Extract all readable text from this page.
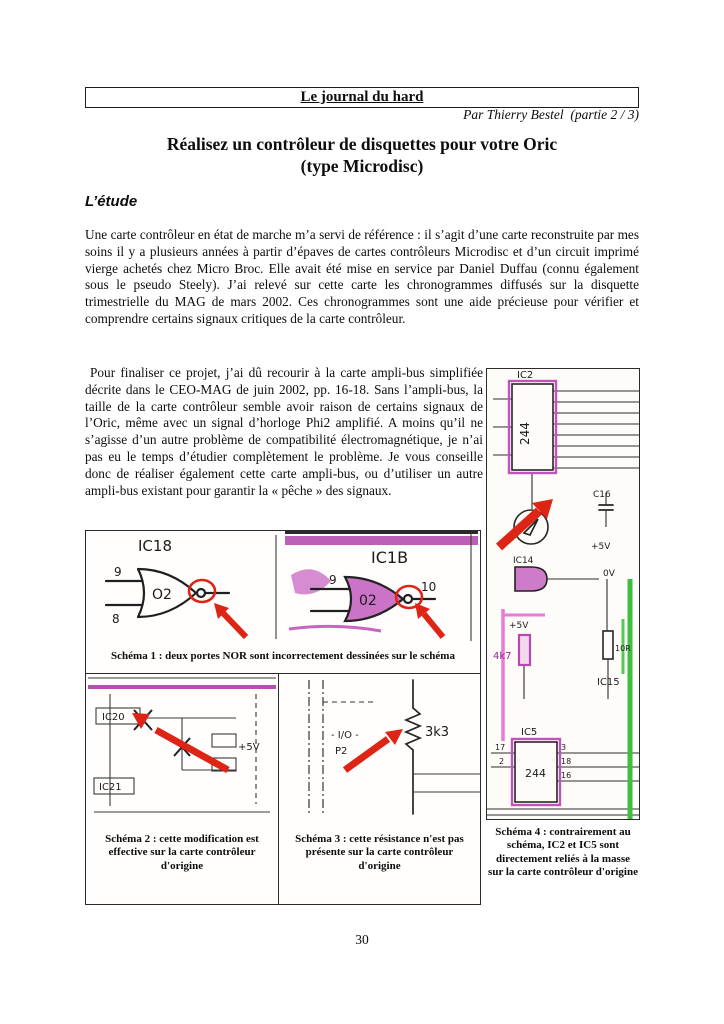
Le journal du hard
Par Thierry Bestel  (partie 2 / 3)
Réalisez un contrôleur de disquettes pour votre Oric
(type Microdisc)
L’étude

Une carte contrôleur en état de marche m’a servi de référence : il s’agit d’une carte reconstruite par mes soins il y a plusieurs années à partir d’épaves de cartes contrôleurs Microdisc et d’un circuit imprimé vierge achetés chez Micro Broc. Elle avait été mise en service par Daniel Duffau (connu également sous le pseudo Steely). J’ai relevé sur cette carte les chronogrammes diffusés sur la disquette trimestrielle du MAG de mars 2002. Ces chronogrammes sont une aide précieuse pour vérifier et comprendre certains signaux critiques de la carte contrôleur.

Pour finaliser ce projet, j’ai dû recourir à la carte ampli-bus simplifiée décrite dans le CEO-MAG de juin 2002, pp. 16-18. Sans l’ampli-bus, la taille de la carte contrôleur semble avoir raison de certains signaux de l’Oric, même avec un signal d’horloge Phi2 amplifié. A moins qu’il ne s’agisse d’un autre problème de compatibilité électromagnétique, je n’ai pas eu le temps d’étudier complètement le problème. Je vous conseille donc de réaliser également cette carte ampli-bus, ou d’utiliser un autre ampli-bus existant pour garantir la « pêche » des signaux.

IC2
244
C16
+5V
IC14
0V
+5V
4k7
10R
IC15
IC5
244
17
2
3
18
16
Schéma 4 : contrairement au schéma, IC2 et IC5 sont directement reliés à la masse sur la carte contrôleur d'origine
IC18
9
8
O2
IC1B
9
02
10
Schéma 1 : deux portes NOR sont incorrectement dessinées sur le schéma
IC20
+5V
IC21
Schéma 2 : cette modification est effective sur la carte contrôleur d'origine
- I/O -
P2
3k3
Schéma 3 : cette résistance n'est pas présente sur la carte contrôleur d'origine
30
